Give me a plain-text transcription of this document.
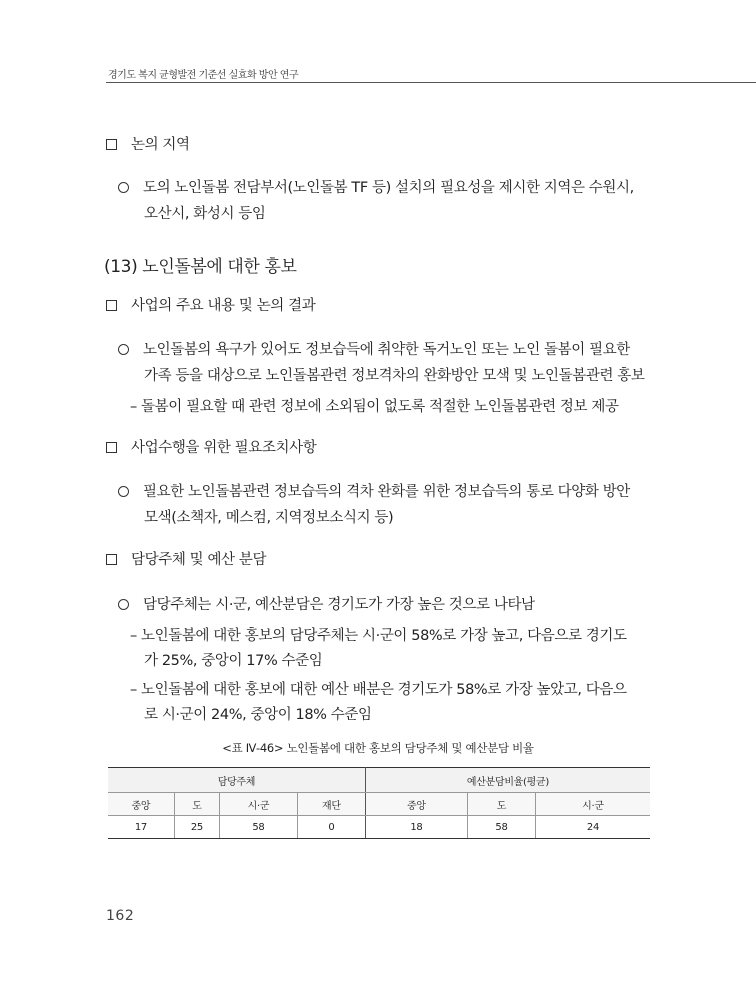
경기도 복지 균형발전 기준선 실효화 방안 연구
논의 지역
도의 노인돌봄 전담부서(노인돌봄 TF 등) 설치의 필요성을 제시한 지역은 수원시,
오산시, 화성시 등임
(13) 노인돌봄에 대한 홍보
사업의 주요 내용 및 논의 결과
노인돌봄의 욕구가 있어도 정보습득에 취약한 독거노인 또는 노인 돌봄이 필요한
가족 등을 대상으로 노인돌봄관련 정보격차의 완화방안 모색 및 노인돌봄관련 홍보
– 돌봄이 필요할 때 관련 정보에 소외됨이 없도록 적절한 노인돌봄관련 정보 제공
사업수행을 위한 필요조치사항
필요한 노인돌봄관련 정보습득의 격차 완화를 위한 정보습득의 통로 다양화 방안
모색(소책자, 메스컴, 지역정보소식지 등)
담당주체 및 예산 분담
담당주체는 시·군, 예산분담은 경기도가 가장 높은 것으로 나타남
– 노인돌봄에 대한 홍보의 담당주체는 시·군이 58%로 가장 높고, 다음으로 경기도
가 25%, 중앙이 17% 수준임
– 노인돌봄에 대한 홍보에 대한 예산 배분은 경기도가 58%로 가장 높았고, 다음으
로 시·군이 24%, 중앙이 18% 수준임
<표 Ⅳ-46> 노인돌봄에 대한 홍보의 담당주체 및 예산분담 비율
담당주체				예산분담비율(평균)		
중앙	도	시·군	재단	중앙	도	시·군
17	25	58	0	18	58	24
162
